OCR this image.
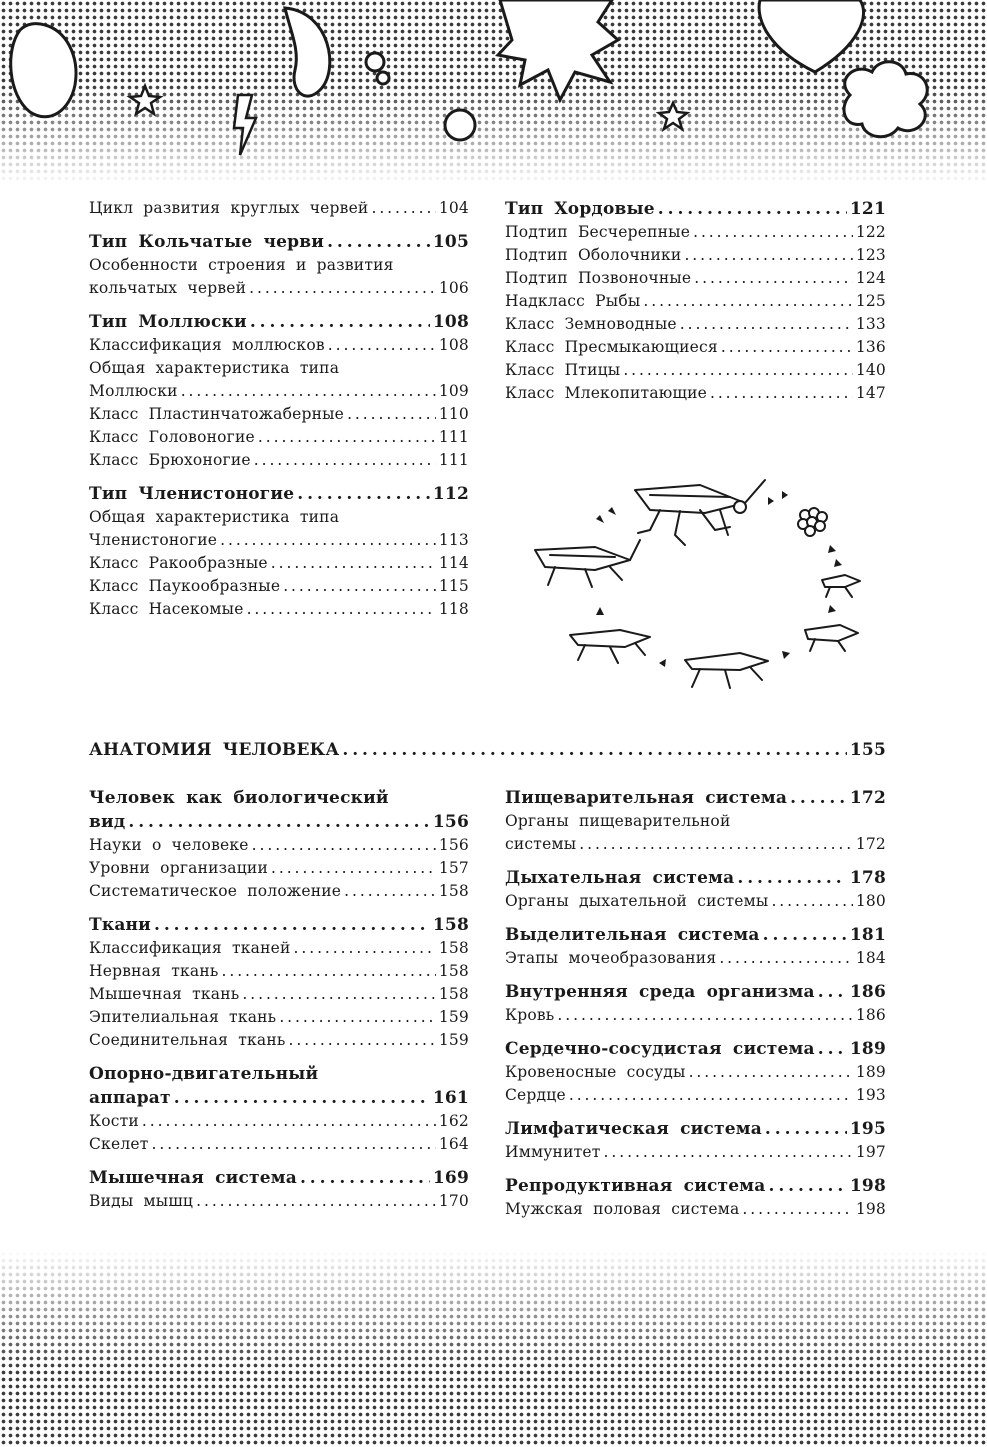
Цикл развития круглых червей . . .	104
Тип Кольчатые черви . . .	105
Особенности строения и развития
кольчатых червей . . .	106
Тип Моллюски . . .	108
Классификация моллюсков . . .	108
Общая характеристика типа
Моллюски . . .	109
Класс Пластинчатожаберные . . .	110
Класс Головоногие . . .	111
Класс Брюхоногие . . .	111
Тип Членистоногие . . .	112
Общая характеристика типа
Членистоногие . . .	113
Класс Ракообразные . . .	114
Класс Паукообразные . . .	115
Класс Насекомые . . .	118
Тип Хордовые . . .	121
Подтип Бесчерепные . . .	122
Подтип Оболочники . . .	123
Подтип Позвоночные . . .	124
Надкласс Рыбы . . .	125
Класс Земноводные . . .	133
Класс Пресмыкающиеся . . .	136
Класс Птицы . . .	140
Класс Млекопитающие . . .	147
АНАТОМИЯ ЧЕЛОВЕКА . . .	155
Человек как биологический
вид . . .	156
Науки о человеке . . .	156
Уровни организации . . .	157
Систематическое положение . . .	158
Ткани . . .	158
Классификация тканей . . .	158
Нервная ткань . . .	158
Мышечная ткань . . .	158
Эпителиальная ткань . . .	159
Соединительная ткань . . .	159
Опорно-двигательный
аппарат . . .	161
Кости . . .	162
Скелет . . .	164
Мышечная система . . .	169
Виды мышц . . .	170
Пищеварительная система . . .	172
Органы пищеварительной
системы . . .	172
Дыхательная система . . .	178
Органы дыхательной системы . . .	180
Выделительная система . . .	181
Этапы мочеобразования . . .	184
Внутренняя среда организма . . . 186
Кровь . . .	186
Сердечно-сосудистая система . . . 189
Кровеносные сосуды . . .	189
Сердце . . .	193
Лимфатическая система . . .	195
Иммунитет . . .	197
Репродуктивная система . . .	198
Мужская половая система . . .	198
